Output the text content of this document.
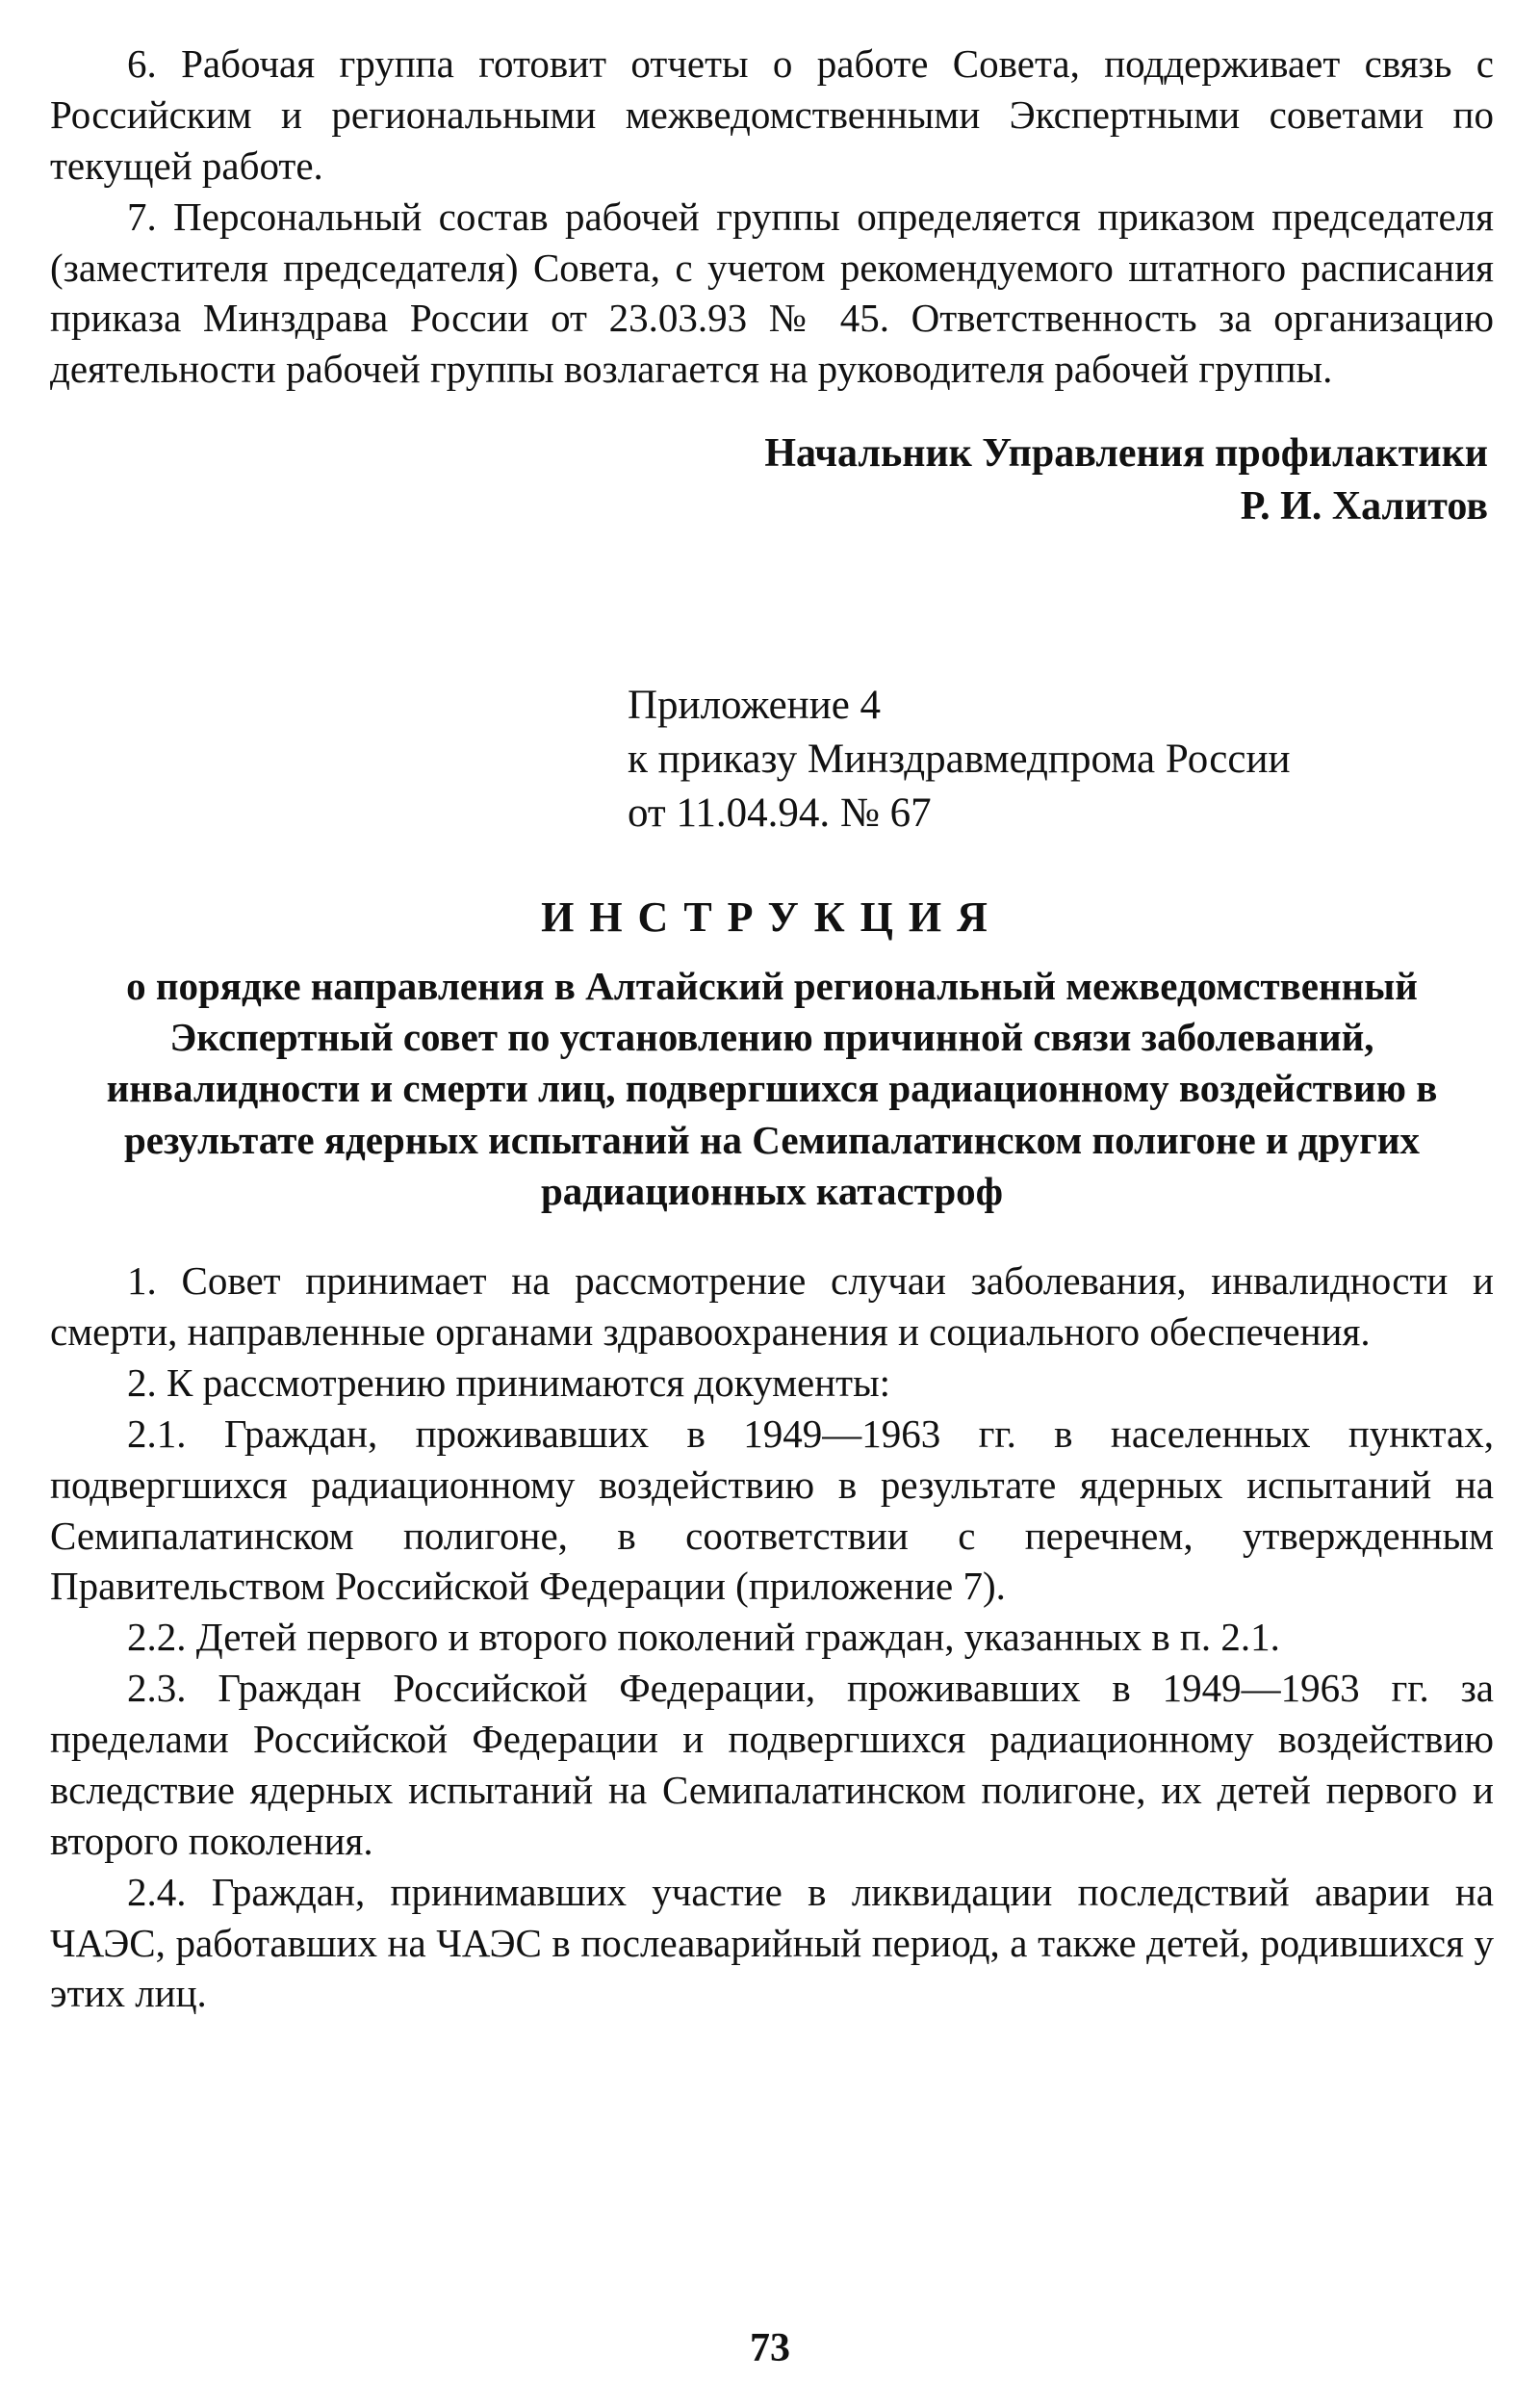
6. Рабочая группа готовит отчеты о работе Совета, поддерживает связь с Российским и региональными межведомственными Экспертными советами по текущей работе.

7. Персональный состав рабочей группы определяется приказом председателя (заместителя председателя) Совета, с учетом рекомендуемого штатного расписания приказа Минздрава России от 23.03.93 № 45. Ответственность за организацию деятельности рабочей группы возлагается на руководителя рабочей группы.

Начальник Управления профилактики
Р. И. Халитов
Приложение 4
к приказу Минздравмедпрома России
от 11.04.94. № 67
ИНСТРУКЦИЯ

о порядке направления в Алтайский региональный межведомственный Экспертный совет по установлению причинной связи заболеваний, инвалидности и смерти лиц, подвергшихся радиационному воздействию в результате ядерных испытаний на Семипалатинском полигоне и других радиационных катастроф

1. Совет принимает на рассмотрение случаи заболевания, инвалидности и смерти, направленные органами здравоохранения и социального обеспечения.

2. К рассмотрению принимаются документы:

2.1. Граждан, проживавших в 1949—1963 гг. в населенных пунктах, подвергшихся радиационному воздействию в результате ядерных испытаний на Семипалатинском полигоне, в соответствии с перечнем, утвержденным Правительством Российской Федерации (приложение 7).

2.2. Детей первого и второго поколений граждан, указанных в п. 2.1.

2.3. Граждан Российской Федерации, проживавших в 1949—1963 гг. за пределами Российской Федерации и подвергшихся радиационному воздействию вследствие ядерных испытаний на Семипалатинском полигоне, их детей первого и второго поколения.

2.4. Граждан, принимавших участие в ликвидации последствий аварии на ЧАЭС, работавших на ЧАЭС в послеаварийный период, а также детей, родившихся у этих лиц.

73
